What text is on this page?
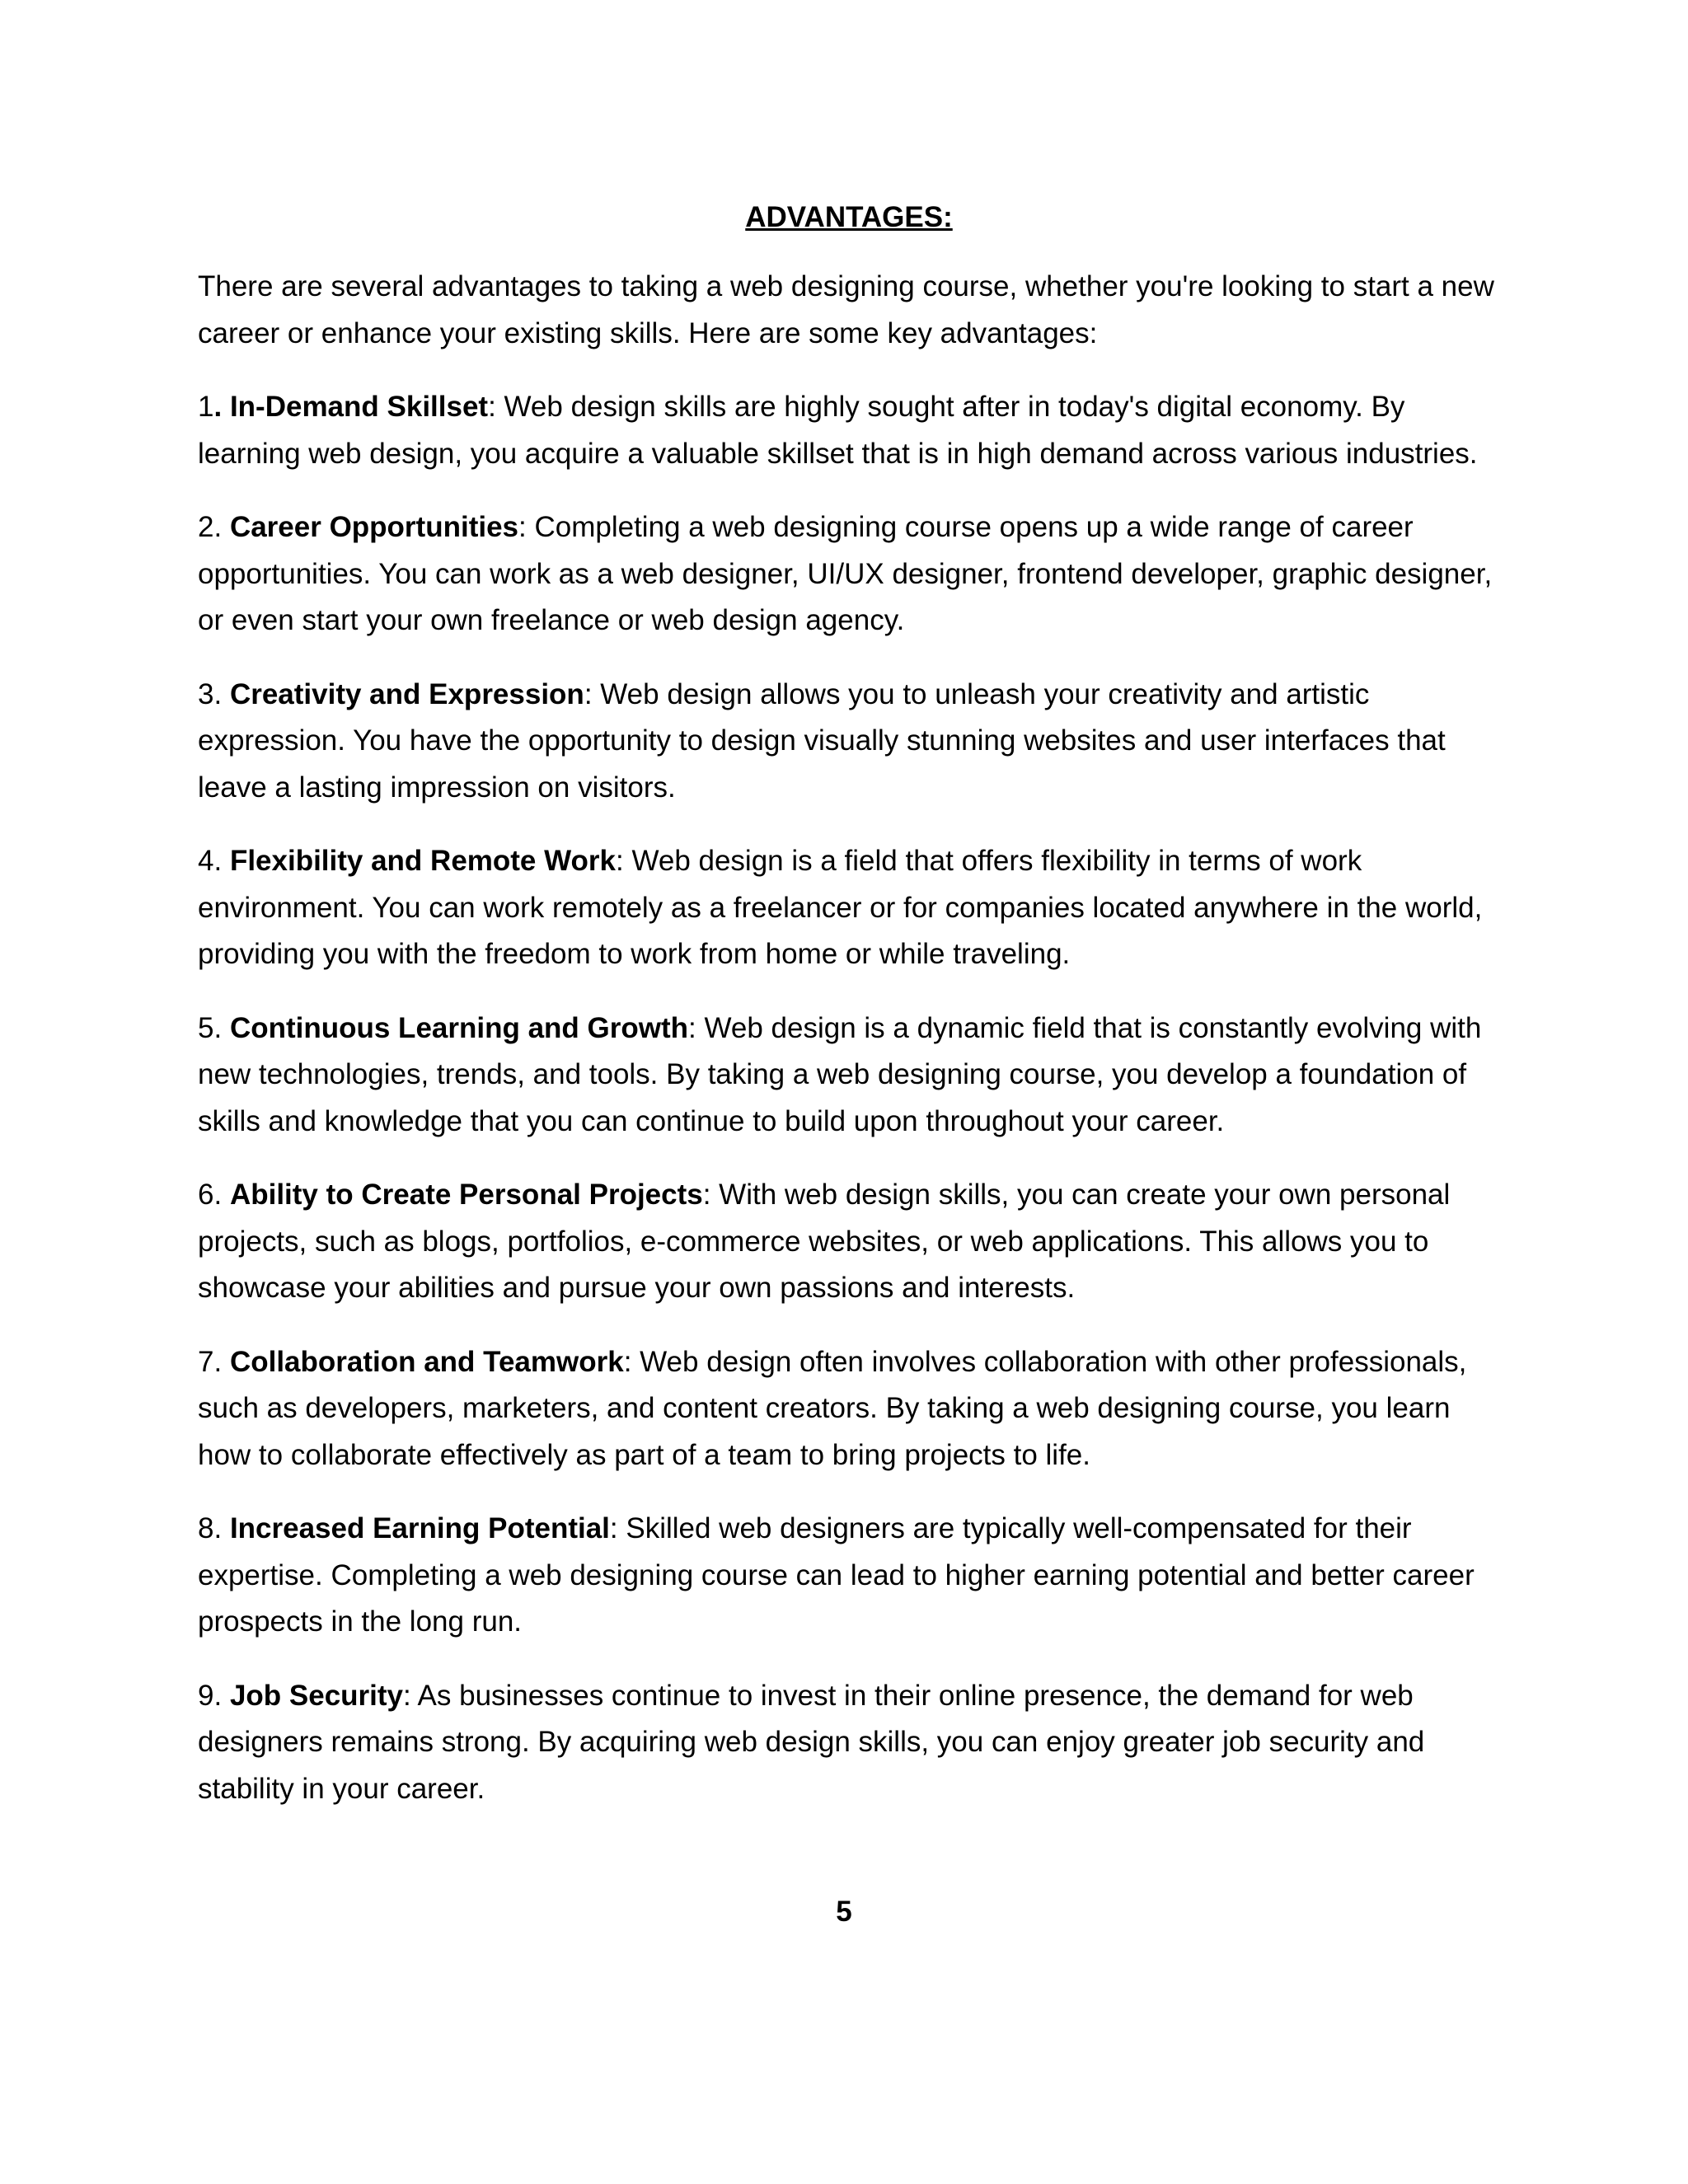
ADVANTAGES:

There are several advantages to taking a web designing course, whether you're looking to start a new career or enhance your existing skills. Here are some key advantages:

1. In-Demand Skillset: Web design skills are highly sought after in today's digital economy. By learning web design, you acquire a valuable skillset that is in high demand across various industries.

2. Career Opportunities: Completing a web designing course opens up a wide range of career opportunities. You can work as a web designer, UI/UX designer, frontend developer, graphic designer, or even start your own freelance or web design agency.

3. Creativity and Expression: Web design allows you to unleash your creativity and artistic expression. You have the opportunity to design visually stunning websites and user interfaces that leave a lasting impression on visitors.

4. Flexibility and Remote Work: Web design is a field that offers flexibility in terms of work environment. You can work remotely as a freelancer or for companies located anywhere in the world, providing you with the freedom to work from home or while traveling.

5. Continuous Learning and Growth: Web design is a dynamic field that is constantly evolving with new technologies, trends, and tools. By taking a web designing course, you develop a foundation of skills and knowledge that you can continue to build upon throughout your career.

6. Ability to Create Personal Projects: With web design skills, you can create your own personal projects, such as blogs, portfolios, e-commerce websites, or web applications. This allows you to showcase your abilities and pursue your own passions and interests.

7. Collaboration and Teamwork: Web design often involves collaboration with other professionals, such as developers, marketers, and content creators. By taking a web designing course, you learn how to collaborate effectively as part of a team to bring projects to life.

8. Increased Earning Potential: Skilled web designers are typically well-compensated for their expertise. Completing a web designing course can lead to higher earning potential and better career prospects in the long run.

9. Job Security: As businesses continue to invest in their online presence, the demand for web designers remains strong. By acquiring web design skills, you can enjoy greater job security and stability in your career.

5
